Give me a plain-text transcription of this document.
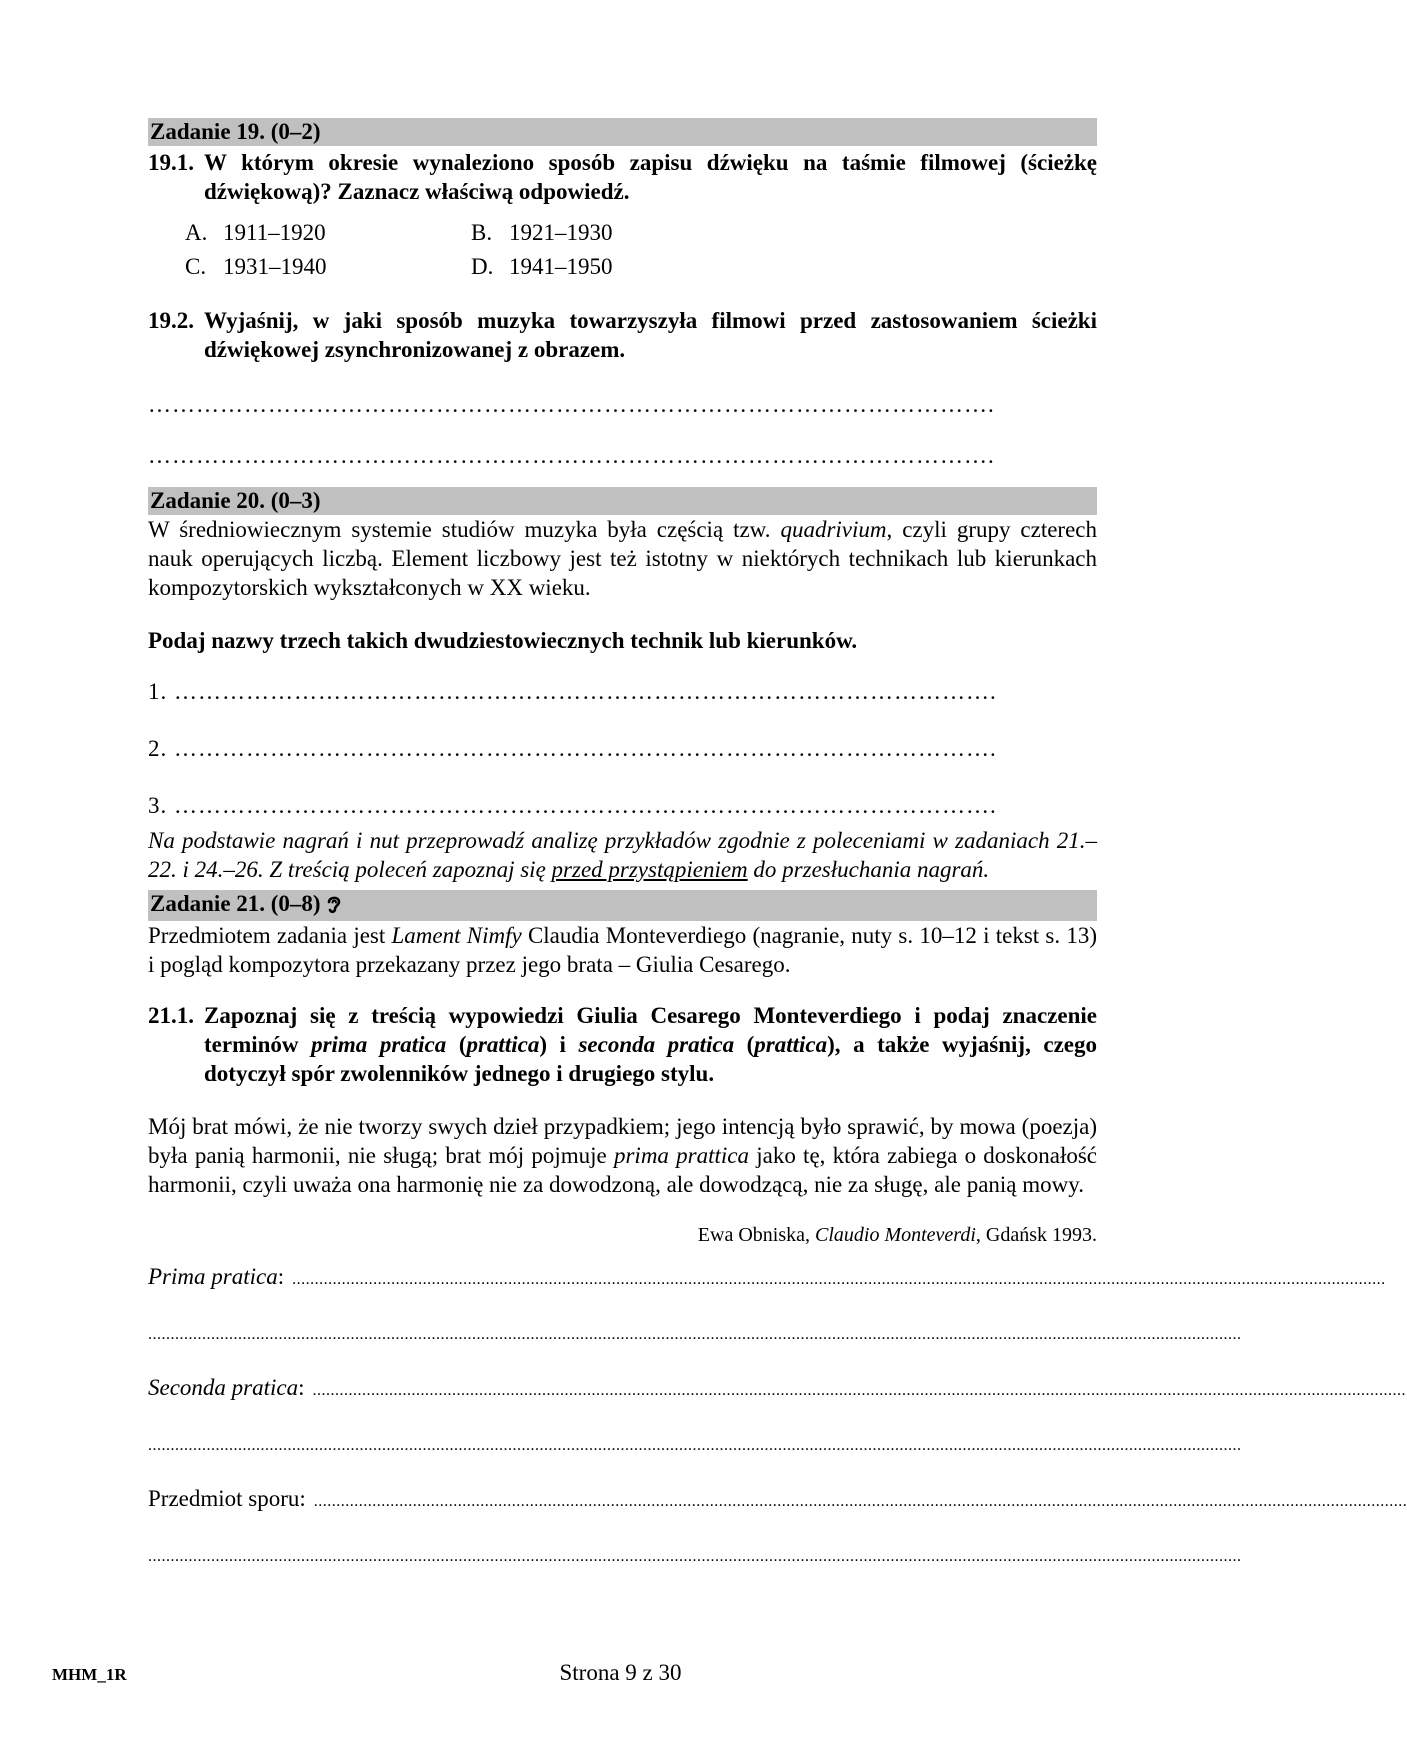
Zadanie 19. (0–2)
19.1. W którym okresie wynaleziono sposób zapisu dźwięku na taśmie filmowej (ścieżkę dźwiękową)? Zaznacz właściwą odpowiedź.
A. 1911–1920	B. 1921–1930
C. 1931–1940	D. 1941–1950
19.2. Wyjaśnij, w jaki sposób muzyka towarzyszyła filmowi przed zastosowaniem ścieżki dźwiękowej zsynchronizowanej z obrazem.
…………………………………………………………………………………………….
…………………………………………………………………………………………….
Zadanie 20. (0–3)

W średniowiecznym systemie studiów muzyka była częścią tzw. quadrivium, czyli grupy czterech nauk operujących liczbą. Element liczbowy jest też istotny w niektórych technikach lub kierunkach kompozytorskich wykształconych w XX wieku.

Podaj nazwy trzech takich dwudziestowiecznych technik lub kierunków.

1. ………………………………………………………………………………………….
2. ………………………………………………………………………………………….
3. ………………………………………………………………………………………….

Na podstawie nagrań i nut przeprowadź analizę przykładów zgodnie z poleceniami w zadaniach 21.–22. i 24.–26. Z treścią poleceń zapoznaj się przed przystąpieniem do przesłuchania nagrań.

Zadanie 21. (0–8)

Przedmiotem zadania jest Lament Nimfy Claudia Monteverdiego (nagranie, nuty s. 10–12 i tekst s. 13) i pogląd kompozytora przekazany przez jego brata – Giulia Cesarego.

21.1. Zapoznaj się z treścią wypowiedzi Giulia Cesarego Monteverdiego i podaj znaczenie terminów prima pratica (prattica) i seconda pratica (prattica), a także wyjaśnij, czego dotyczył spór zwolenników jednego i drugiego stylu.

Mój brat mówi, że nie tworzy swych dzieł przypadkiem; jego intencją było sprawić, by mowa (poezja) była panią harmonii, nie sługą; brat mój pojmuje prima prattica jako tę, która zabiega o doskonałość harmonii, czyli uważa ona harmonię nie za dowodzoną, ale dowodzącą, nie za sługę, ale panią mowy.

Ewa Obniska, Claudio Monteverdi, Gdańsk 1993.
Prima pratica: ...................................................................................................................................................................................................................................................
...................................................................................................................................................................................................................................................
Seconda pratica: ...................................................................................................................................................................................................................................................
...................................................................................................................................................................................................................................................
Przedmiot sporu: ...................................................................................................................................................................................................................................................
...................................................................................................................................................................................................................................................
MHM_1R	Strona 9 z 30
